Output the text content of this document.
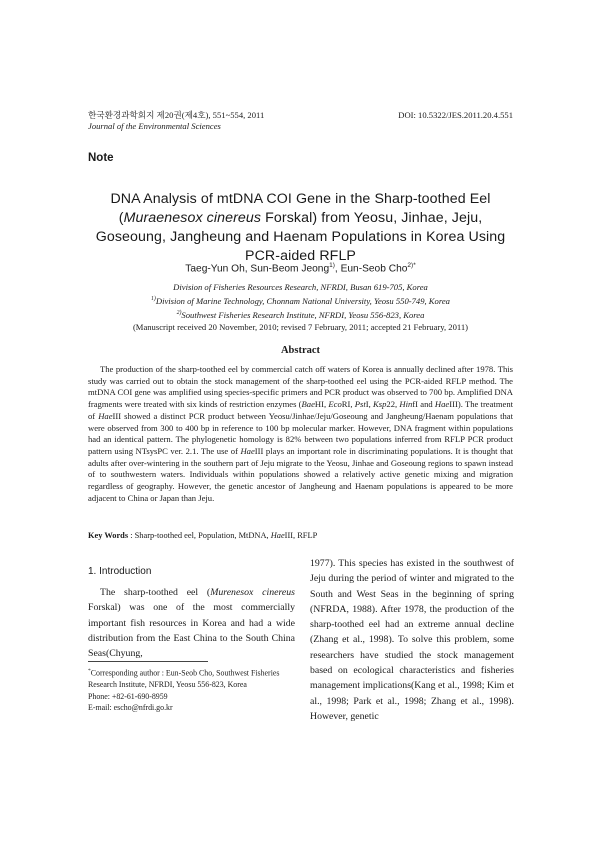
한국환경과학회지 제20권(제4호), 551~554, 2011
Journal of the Environmental Sciences
DOI: 10.5322/JES.2011.20.4.551
Note
DNA Analysis of mtDNA COI Gene in the Sharp-toothed Eel
(Muraenesox cinereus Forskal) from Yeosu, Jinhae, Jeju,
Goseoung, Jangheung and Haenam Populations in Korea Using
PCR-aided RFLP
Taeg-Yun Oh, Sun-Beom Jeong$^{1)}$, Eun-Seob Cho$^{2)*}$
Division of Fisheries Resources Research, NFRDI, Busan 619-705, Korea
$^{1)}$Division of Marine Technology, Chonnam National University, Yeosu 550-749, Korea
$^{2)}$Southwest Fisheries Research Institute, NFRDI, Yeosu 556-823, Korea
(Manuscript received 20 November, 2010; revised 7 February, 2011; accepted 21 February, 2011)
Abstract
The production of the sharp-toothed eel by commercial catch off waters of Korea is annually declined after 1978. This study was carried out to obtain the stock management of the sharp-toothed eel using the PCR-aided RFLP method. The mtDNA COI gene was amplified using species-specific primers and PCR product was observed to 700 bp. Amplified DNA fragments were treated with six kinds of restriction enzymes (BaeHI, EcoRI, PstI, Ksp22, HinfI and HaeIII). The treatment of HaeIII showed a distinct PCR product between Yeosu/Jinhae/Jeju/Goseoung and Jangheung/Haenam populations that were observed from 300 to 400 bp in reference to 100 bp molecular marker. However, DNA fragment within populations had an identical pattern. The phylogenetic homology is 82% between two populations inferred from RFLP PCR product pattern using NTsysPC ver. 2.1. The use of HaeIII plays an important role in discriminating populations. It is thought that adults after over-wintering in the southern part of Jeju migrate to the Yeosu, Jinhae and Goseoung regions to spawn instead of to southwestern waters. Individuals within populations showed a relatively active genetic mixing and migration regardless of geography. However, the genetic ancestor of Jangheung and Haenam populations is appeared to be more adjacent to China or Japan than Jeju.
Key Words : Sharp-toothed eel, Population, MtDNA, HaeIII, RFLP
1. Introduction
The sharp-toothed eel (Murenesox cinereus Forskal) was one of the most commercially important fish resources in Korea and had a wide distribution from the East China to the South China Seas(Chyung,
1977). This species has existed in the southwest of Jeju during the period of winter and migrated to the South and West Seas in the beginning of spring (NFRDA, 1988). After 1978, the production of the sharp-toothed eel had an extreme annual decline (Zhang et al., 1998). To solve this problem, some researchers have studied the stock management based on ecological characteristics and fisheries management implications(Kang et al., 1998; Kim et al., 1998; Park et al., 1998; Zhang et al., 1998). However, genetic
*Corresponding author : Eun-Seob Cho, Southwest Fisheries
Research Institute, NFRDI, Yeosu 556-823, Korea
Phone: +82-61-690-8959
E-mail: escho@nfrdi.go.kr
